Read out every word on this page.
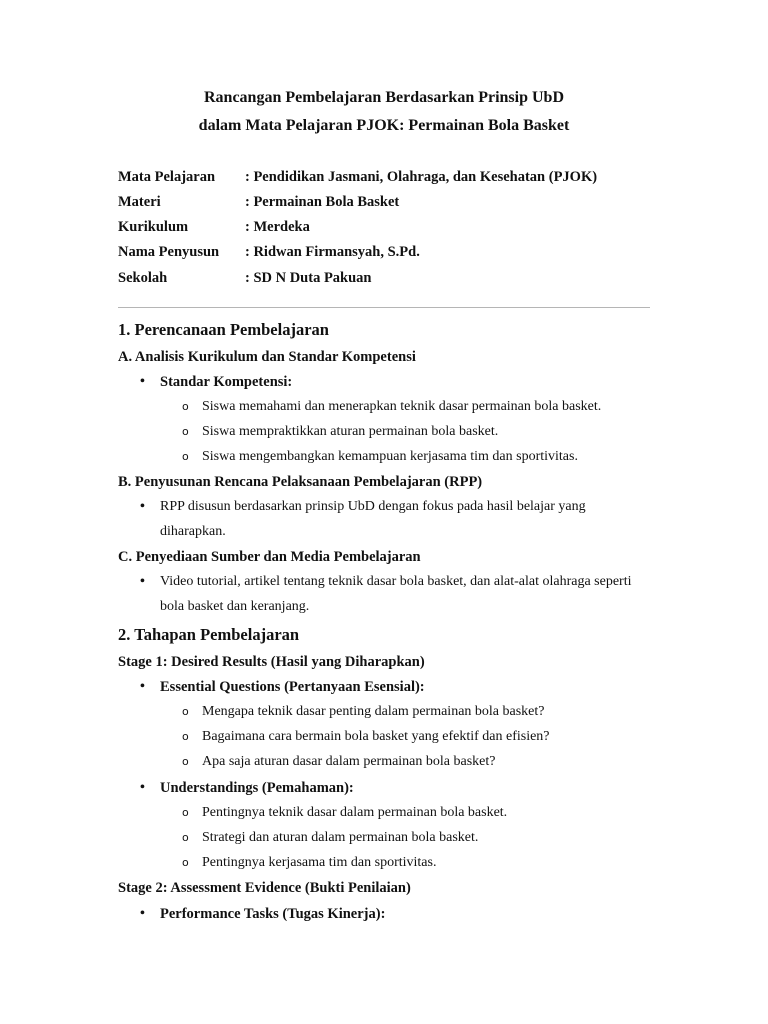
Rancangan Pembelajaran Berdasarkan Prinsip UbD
dalam Mata Pelajaran PJOK: Permainan Bola Basket
Mata Pelajaran : Pendidikan Jasmani, Olahraga, dan Kesehatan (PJOK)
Materi	: Permainan Bola Basket
Kurikulum	: Merdeka
Nama Penyusun : Ridwan Firmansyah, S.Pd.
Sekolah	: SD N Duta Pakuan
1. Perencanaan Pembelajaran
A. Analisis Kurikulum dan Standar Kompetensi
• Standar Kompetensi:
o Siswa memahami dan menerapkan teknik dasar permainan bola basket.
o Siswa mempraktikkan aturan permainan bola basket.
o Siswa mengembangkan kemampuan kerjasama tim dan sportivitas.
B. Penyusunan Rencana Pelaksanaan Pembelajaran (RPP)
• RPP disusun berdasarkan prinsip UbD dengan fokus pada hasil belajar yang
diharapkan.
C. Penyediaan Sumber dan Media Pembelajaran
• Video tutorial, artikel tentang teknik dasar bola basket, dan alat-alat olahraga seperti
bola basket dan keranjang.
2. Tahapan Pembelajaran
Stage 1: Desired Results (Hasil yang Diharapkan)
• Essential Questions (Pertanyaan Esensial):
o Mengapa teknik dasar penting dalam permainan bola basket?
o Bagaimana cara bermain bola basket yang efektif dan efisien?
o Apa saja aturan dasar dalam permainan bola basket?
• Understandings (Pemahaman):
o Pentingnya teknik dasar dalam permainan bola basket.
o Strategi dan aturan dalam permainan bola basket.
o Pentingnya kerjasama tim dan sportivitas.
Stage 2: Assessment Evidence (Bukti Penilaian)
• Performance Tasks (Tugas Kinerja):
